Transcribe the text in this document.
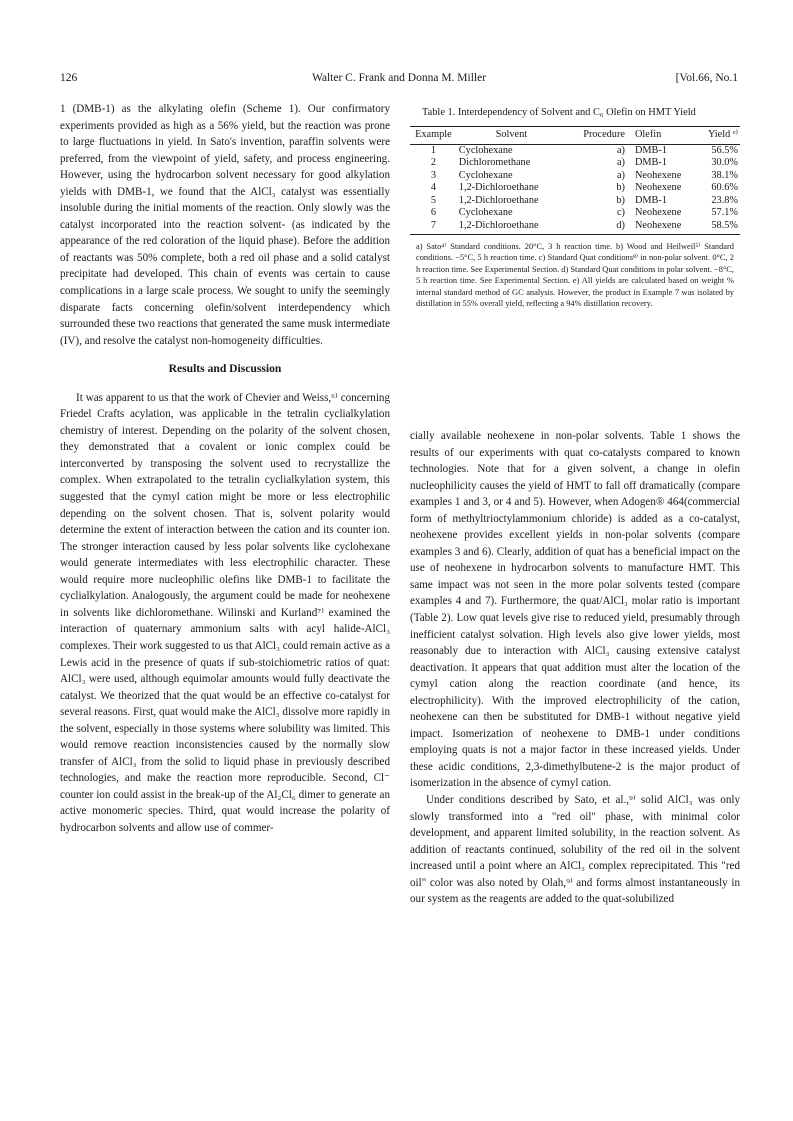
126	Walter C. Frank and Donna M. Miller	[Vol.66, No.1

1 (DMB-1) as the alkylating olefin (Scheme 1). Our confirmatory experiments provided as high as a 56% yield, but the reaction was prone to large fluctuations in yield. In Sato's invention, paraffin solvents were preferred, from the viewpoint of yield, safety, and process engineering. However, using the hydrocarbon solvent necessary for good alkylation yields with DMB-1, we found that the AlCl₃ catalyst was essentially insoluble during the initial moments of the reaction. Only slowly was the catalyst incorporated into the reaction solvent- (as indicated by the appearance of the red coloration of the liquid phase). Before the addition of reactants was 50% complete, both a red oil phase and a solid catalyst precipitate had developed. This chain of events was certain to cause complications in a large scale process. We sought to unify the seemingly disparate facts concerning olefin/solvent interdependency which surrounded these two reactions that generated the same musk intermediate (IV), and resolve the catalyst non-homogeneity difficulties.

Results and Discussion

It was apparent to us that the work of Chevier and Weiss,⁶⁾ concerning Friedel Crafts acylation, was applicable in the tetralin cyclialkylation chemistry of interest. Depending on the polarity of the solvent chosen, they demonstrated that a covalent or ionic complex could be interconverted by transposing the solvent used to recrystallize the complex. When extrapolated to the tetralin cyclialkylation system, this suggested that the cymyl cation might be more or less electrophilic depending on the solvent chosen. That is, solvent polarity would determine the extent of interaction between the cation and its counter ion. The stronger interaction caused by less polar solvents like cyclohexane would generate intermediates with less electrophilic character. These would require more nucleophilic olefins like DMB-1 to facilitate the cyclialkylation. Analogously, the argument could be made for neohexene in solvents like dichloromethane. Wilinski and Kurland⁷⁾ examined the interaction of quaternary ammonium salts with acyl halide-AlCl₃ complexes. Their work suggested to us that AlCl₃ could remain active as a Lewis acid in the presence of quats if sub-stoichiometric ratios of quat: AlCl₃ were used, although equimolar amounts would fully deactivate the catalyst. We theorized that the quat would be an effective co-catalyst for several reasons. First, quat would make the AlCl₃ dissolve more rapidly in the solvent, especially in those systems where solubility was limited. This would remove reaction inconsistencies caused by the normally slow transfer of AlCl₃ from the solid to liquid phase in previously described technologies, and make the reaction more reproducible. Second, Cl⁻ counter ion could assist in the break-up of the Al₂Cl₆ dimer to generate an active monomeric species. Third, quat would increase the polarity of hydrocarbon solvents and allow use of commer-

Table 1. Interdependency of Solvent and C₆ Olefin on HMT Yield
Example	Solvent	Procedure	Olefin	Yield ᵉ⁾
1	Cyclohexane	a)	DMB-1	56.5%
2	Dichloromethane	a)	DMB-1	30.0%
3	Cyclohexane	a)	Neohexene	38.1%
4	1,2-Dichloroethane	b)	Neohexene	60.6%
5	1,2-Dichloroethane	b)	DMB-1	23.8%
6	Cyclohexane	c)	Neohexene	57.1%
7	1,2-Dichloroethane	d)	Neohexene	58.5%
a) Sato⁴⁾ Standard conditions. 20°C, 3 h reaction time. b) Wood and Heilweil⁵⁾ Standard conditions. −5°C, 5 h reaction time. c) Standard Quat conditions⁸⁾ in non-polar solvent. 0°C, 2 h reaction time. See Experimental Section. d) Standard Quat conditions in polar solvent. −8°C, 5 h reaction time. See Experimental Section. e) All yields are calculated based on weight % internal standard method of GC analysis. However, the product in Example 7 was isolated by distillation in 55% overall yield, reflecting a 94% distillation recovery.

cially available neohexene in non-polar solvents. Table 1 shows the results of our experiments with quat co-catalysts compared to known technologies. Note that for a given solvent, a change in olefin nucleophilicity causes the yield of HMT to fall off dramatically (compare examples 1 and 3, or 4 and 5). However, when Adogen® 464(commercial form of methyltrioctylammonium chloride) is added as a co-catalyst, neohexene provides excellent yields in non-polar solvents (compare examples 3 and 6). Clearly, addition of quat has a beneficial impact on the use of neohexene in hydrocarbon solvents to manufacture HMT. This same impact was not seen in the more polar solvents tested (compare examples 4 and 7). Furthermore, the quat/AlCl₃ molar ratio is important (Table 2). Low quat levels give rise to reduced yield, presumably through inefficient catalyst solvation. High levels also give lower yields, most reasonably due to interaction with AlCl₃ causing extensive catalyst deactivation. It appears that quat addition must alter the location of the cymyl cation along the reaction coordinate (and hence, its electrophilicity). With the improved electrophilicity of the cation, neohexene can then be substituted for DMB-1 without negative yield impact. Isomerization of neohexene to DMB-1 under conditions employing quats is not a major factor in these increased yields. Under these acidic conditions, 2,3-dimethylbutene-2 is the major product of isomerization in the absence of cymyl cation.

Under conditions described by Sato, et al.,⁹⁾ solid AlCl₃ was only slowly transformed into a "red oil" phase, with minimal color development, and apparent limited solubility, in the reaction solvent. As addition of reactants continued, solubility of the red oil in the solvent increased until a point where an AlCl₃ complex reprecipitated. This "red oil" color was also noted by Olah,⁹⁾ and forms almost instantaneously in our system as the reagents are added to the quat-solubilized
